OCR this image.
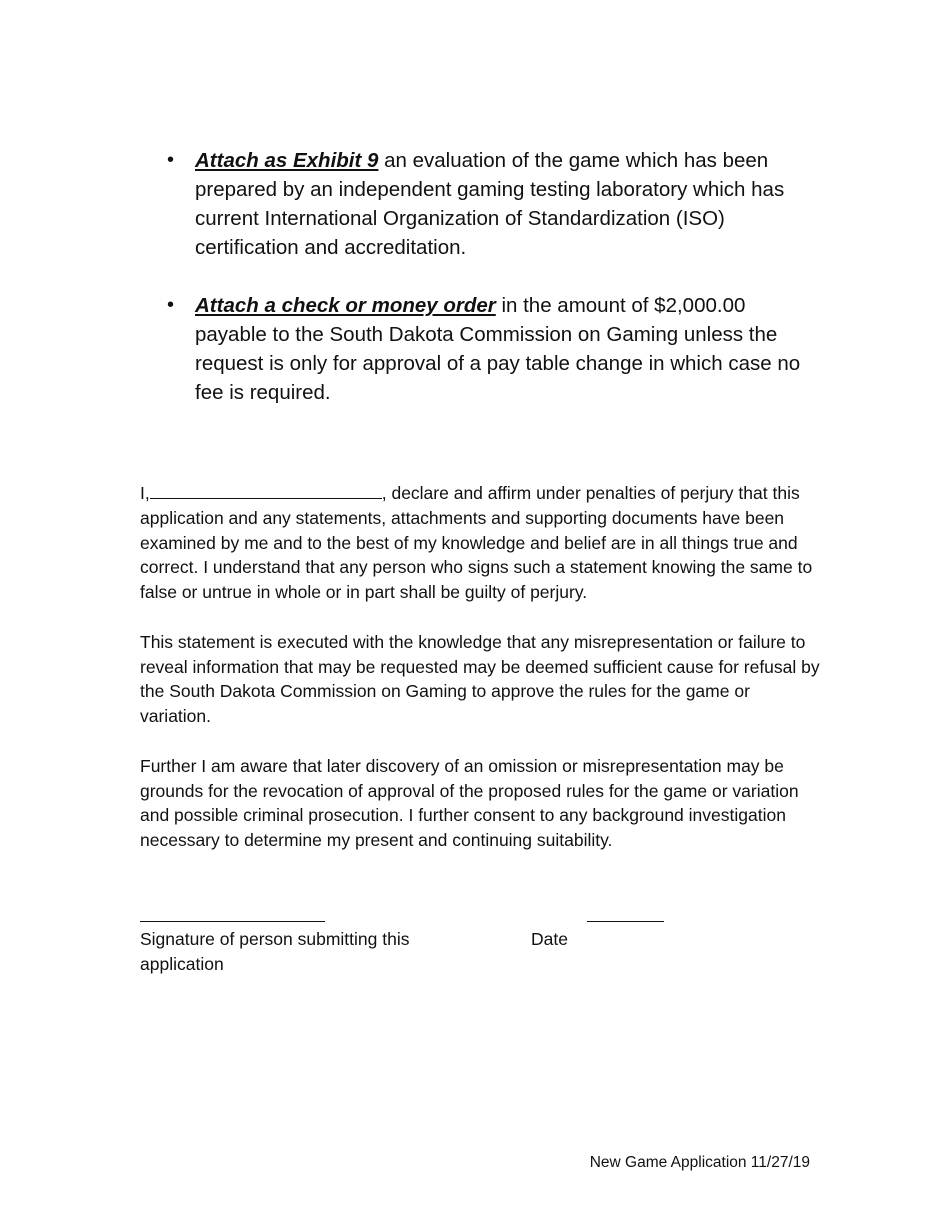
• Attach as Exhibit 9 an evaluation of the game which has been prepared by an independent gaming testing laboratory which has current International Organization of Standardization (ISO) certification and accreditation.
• Attach a check or money order in the amount of $2,000.00 payable to the South Dakota Commission on Gaming unless the request is only for approval of a pay table change in which case no fee is required.

I,	, declare and affirm under penalties of perjury that this application and any statements, attachments and supporting documents have been examined by me and to the best of my knowledge and belief are in all things true and correct. I understand that any person who signs such a statement knowing the same to false or untrue in whole or in part shall be guilty of perjury.

This statement is executed with the knowledge that any misrepresentation or failure to reveal information that may be requested may be deemed sufficient cause for refusal by the South Dakota Commission on Gaming to approve the rules for the game or variation.

Further I am aware that later discovery of an omission or misrepresentation may be grounds for the revocation of approval of the proposed rules for the game or variation and possible criminal prosecution. I further consent to any background investigation necessary to determine my present and continuing suitability.

Signature of person submitting this application
Date
New Game Application 11/27/19
